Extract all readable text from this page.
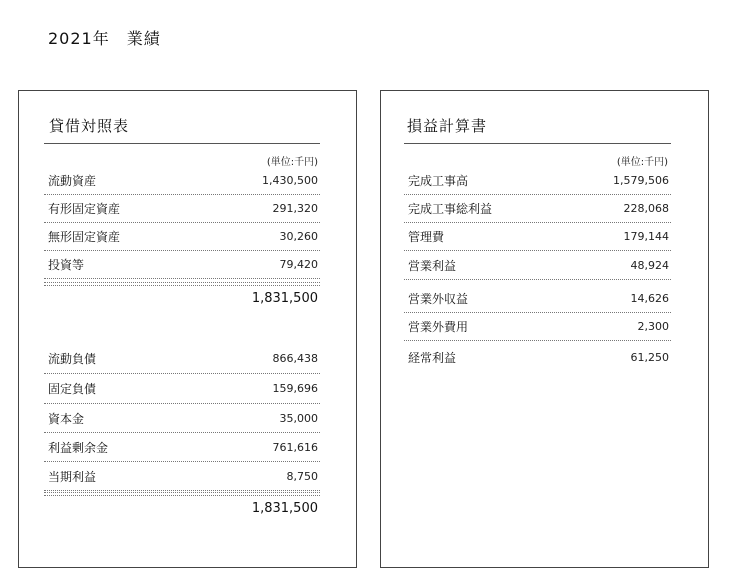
2021年　業績
貸借対照表
(単位:千円)
流動資産	1,430,500
有形固定資産	291,320
無形固定資産	30,260
投資等	79,420
1,831,500
流動負債	866,438
固定負債	159,696
資本金	35,000
利益剰余金	761,616
当期利益	8,750
1,831,500
損益計算書
(単位:千円)
完成工事高	1,579,506
完成工事総利益	228,068
管理費	179,144
営業利益	48,924
営業外収益	14,626
営業外費用	2,300
経常利益	61,250
